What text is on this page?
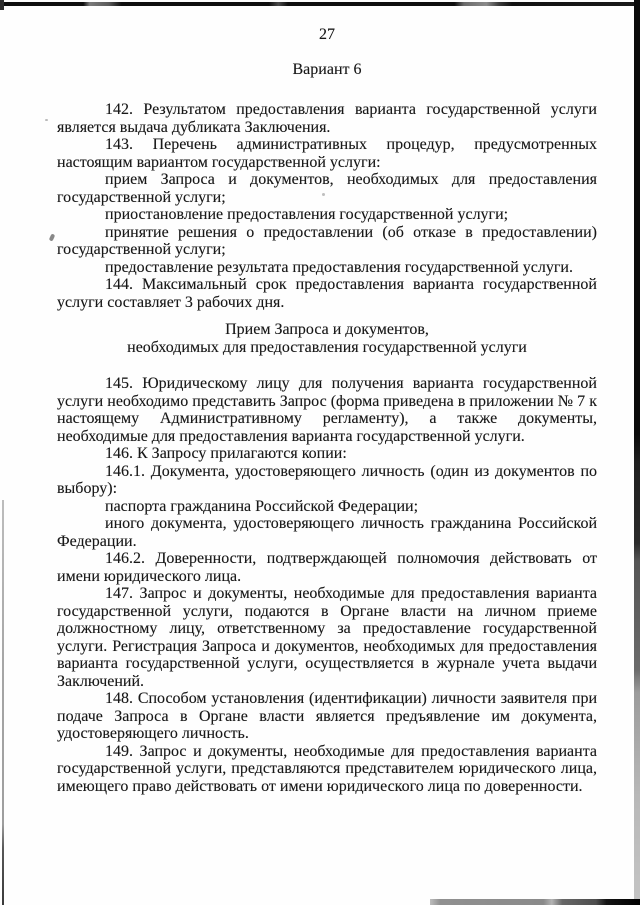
27
Вариант 6

142. Результатом предоставления варианта государственной услуги является выдача дубликата Заключения.

143. Перечень административных процедур, предусмотренных настоящим вариантом государственной услуги:

прием Запроса и документов, необходимых для предоставления государственной услуги;

приостановление предоставления государственной услуги;

принятие решения о предоставлении (об отказе в предоставлении) государственной услуги;

предоставление результата предоставления государственной услуги.

144. Максимальный срок предоставления варианта государственной услуги составляет 3 рабочих дня.

Прием Запроса и документов,
необходимых для предоставления государственной услуги

145. Юридическому лицу для получения варианта государственной услуги необходимо представить Запрос (форма приведена в приложении № 7 к настоящему Административному регламенту), а также документы, необходимые для предоставления варианта государственной услуги.

146. К Запросу прилагаются копии:

146.1. Документа, удостоверяющего личность (один из документов по выбору):

паспорта гражданина Российской Федерации;

иного документа, удостоверяющего личность гражданина Российской Федерации.

146.2. Доверенности, подтверждающей полномочия действовать от имени юридического лица.

147. Запрос и документы, необходимые для предоставления варианта государственной услуги, подаются в Органе власти на личном приеме должностному лицу, ответственному за предоставление государственной услуги. Регистрация Запроса и документов, необходимых для предоставления варианта государственной услуги, осуществляется в журнале учета выдачи Заключений.

148. Способом установления (идентификации) личности заявителя при подаче Запроса в Органе власти является предъявление им документа, удостоверяющего личность.

149. Запрос и документы, необходимые для предоставления варианта государственной услуги, представляются представителем юридического лица, имеющего право действовать от имени юридического лица по доверенности.
